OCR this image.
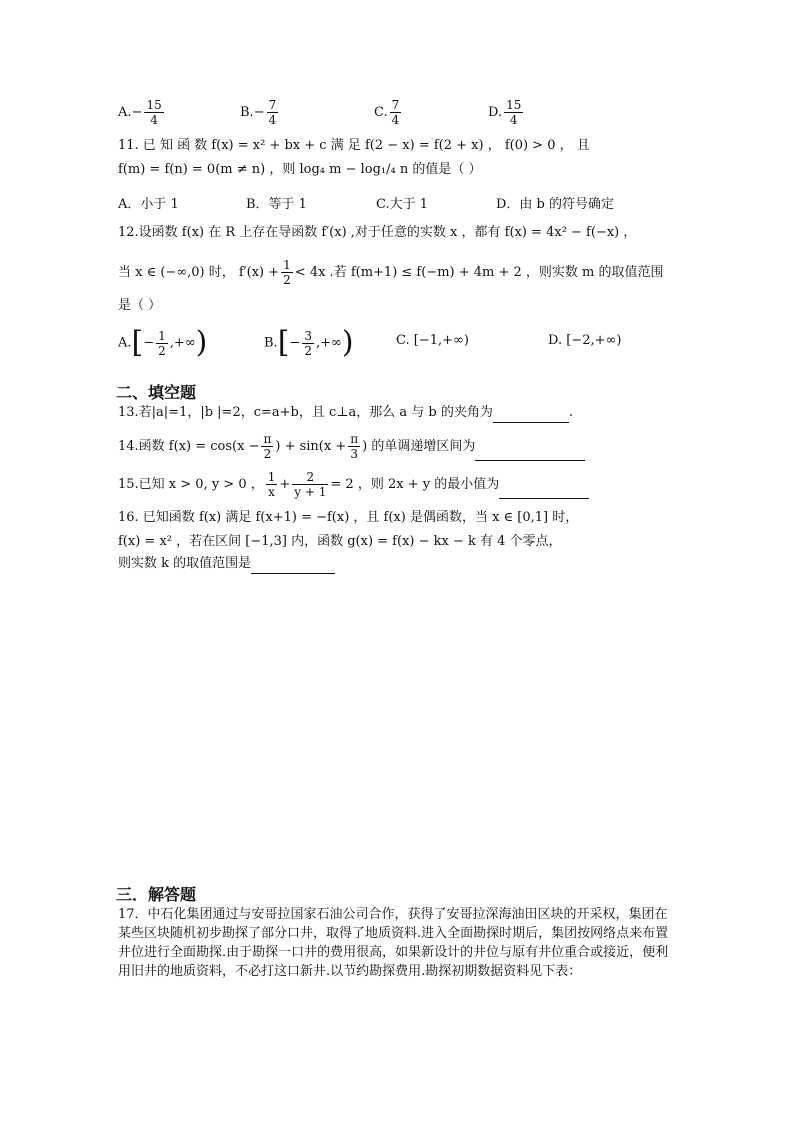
$A.- \frac{15}{4}$	$B.- \frac{7}{4}$	C. $\frac{7}{4}$	D. $\frac{15}{4}$
11. 已 知 函 数 f(x) = x² + bx + c 满 足 f(2 − x) = f(2 + x) ， f(0) > 0 ， 且
f(m) = f(n) = 0(m ≠ n) ，则 log₄ m − log₁/₄ n 的值是（ ）
A．小于 1	B．等于 1	C.大于 1	D．由 b 的符号确定
12.设函数 f(x) 在 R 上存在导函数 f′(x) ,对于任意的实数 x ，都有 f(x) = 4x² − f(−x) ，
当 x ∈ (−∞,0) 时， $f'(x) + \frac{1}{2} < 4x$ .若 f(m+1) ≤ f(−m) + 4m + 2 ，则实数 m 的取值范围
是（ ）
$A.[- \frac{1}{2}$ ,+∞)	$B.[- \frac{3}{2}$ ,+∞)	C. [−1,+∞)	D. [−2,+∞)
二、填空题
13.若|a|=1，|b |=2，c=a+b，且 c⊥a，那么 a 与 b 的夹角为	.
14.函数 $f(x) = \cos(x - \frac{\pi}{2}$ ) + $\sin(x + \frac{\pi}{3}$ ) 的单调递增区间为
15.已知 x > 0, y > 0 ， $\frac{1}{x} + \frac{2}{y + 1} = 2$ ，则 2x + y 的最小值为
16. 已知函数 f(x) 满足 f(x+1) = −f(x) ，且 f(x) 是偶函数，当 x ∈ [0,1] 时，
f(x) = x² ，若在区间 [−1,3] 内，函数 g(x) = f(x) − kx − k 有 4 个零点，
则实数 k 的取值范围是
三．解答题
17．中石化集团通过与安哥拉国家石油公司合作，获得了安哥拉深海油田区块的开采权，集团在某些区块随机初步勘探了部分口井，取得了地质资料.进入全面勘探时期后，集团按网络点来布置井位进行全面勘探.由于勘探一口井的费用很高，如果新设计的井位与原有井位重合或接近，便利用旧井的地质资料，不必打这口新井.以节约勘探费用.勘探初期数据资料见下表：
